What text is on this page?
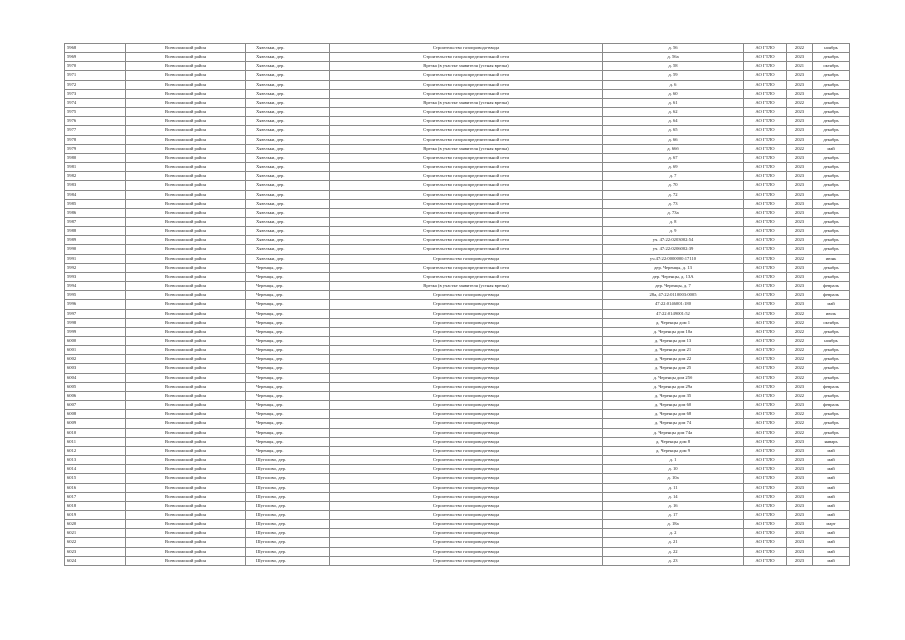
5968	Всеволожский район	Хязельки, дер.	Строительство газопровода-ввода	д. 56	АО ГТЛО	2022	ноябрь
5969	Всеволожский район	Хязельки, дер.	Строительство газораспределительной сети	д. 56а	АО ГТЛО	2023	декабрь
5970	Всеволожский район	Хязельки, дер.	Врезка (в участке заявителя (устная врезка)	д. 58	АО ГТЛО	2021	октябрь
5971	Всеволожский район	Хязельки, дер.	Строительство газораспределительной сети	д. 59	АО ГТЛО	2023	декабрь
5972	Всеволожский район	Хязельки, дер.	Строительство газораспределительной сети	д. 6	АО ГТЛО	2023	декабрь
5973	Всеволожский район	Хязельки, дер.	Строительство газораспределительной сети	д. 60	АО ГТЛО	2023	декабрь
5974	Всеволожский район	Хязельки, дер.	Врезка (в участке заявителя (устная врезка)	д. 61	АО ГТЛО	2022	декабрь
5975	Всеволожский район	Хязельки, дер.	Строительство газораспределительной сети	д. 62	АО ГТЛО	2023	декабрь
5976	Всеволожский район	Хязельки, дер.	Строительство газораспределительной сети	д. 64	АО ГТЛО	2023	декабрь
5977	Всеволожский район	Хязельки, дер.	Строительство газораспределительной сети	д. 65	АО ГТЛО	2023	декабрь
5978	Всеволожский район	Хязельки, дер.	Строительство газораспределительной сети	д. 66	АО ГТЛО	2023	декабрь
5979	Всеволожский район	Хязельки, дер.	Врезка (в участке заявителя (устная врезка)	д. 66б	АО ГТЛО	2022	май
5980	Всеволожский район	Хязельки, дер.	Строительство газораспределительной сети	д. 67	АО ГТЛО	2023	декабрь
5981	Всеволожский район	Хязельки, дер.	Строительство газораспределительной сети	д. 69	АО ГТЛО	2023	декабрь
5982	Всеволожский район	Хязельки, дер.	Строительство газораспределительной сети	д. 7	АО ГТЛО	2023	декабрь
5983	Всеволожский район	Хязельки, дер.	Строительство газораспределительной сети	д. 70	АО ГТЛО	2023	декабрь
5984	Всеволожский район	Хязельки, дер.	Строительство газораспределительной сети	д. 72	АО ГТЛО	2023	декабрь
5985	Всеволожский район	Хязельки, дер.	Строительство газораспределительной сети	д. 73	АО ГТЛО	2023	декабрь
5986	Всеволожский район	Хязельки, дер.	Строительство газораспределительной сети	д. 73а	АО ГТЛО	2023	декабрь
5987	Всеволожский район	Хязельки, дер.	Строительство газораспределительной сети	д. 8	АО ГТЛО	2023	декабрь
5988	Всеволожский район	Хязельки, дер.	Строительство газораспределительной сети	д. 9	АО ГТЛО	2023	декабрь
5989	Всеволожский район	Хязельки, дер.	Строительство газораспределительной сети	уч. 47:22:0203002:54	АО ГТЛО	2023	декабрь
5990	Всеволожский район	Хязельки, дер.	Строительство газораспределительной сети	уч. 47:22:0206002:39	АО ГТЛО	2023	декабрь
5991	Всеволожский район	Хязельки, дер.	Строительство газопровода-ввода	уч.47:22:0000000:17110	АО ГТЛО	2022	июнь
5992	Всеволожский район	Черенцы, дер.	Строительство газораспределительной сети	дер. Черенцы, д. 13	АО ГТЛО	2023	декабрь
5993	Всеволожский район	Черенцы, дер.	Строительство газораспределительной сети	дер. Черенцы, д. 13А	АО ГТЛО	2023	декабрь
5994	Всеволожский район	Черенцы, дер.	Врезка (в участке заявителя (устная врезка)	дер. Черенцы, д. 7	АО ГТЛО	2023	февраль
5995	Всеволожский район	Черенцы, дер.	Строительство газопровода-ввода	28а, 47:22:0110003:0005	АО ГТЛО	2023	февраль
5996	Всеволожский район	Черенцы, дер.	Строительство газопровода-ввода	47:22:0146001:180	АО ГТЛО	2023	май
5997	Всеволожский район	Черенцы, дер.	Строительство газопровода-ввода	47:22:0149001:52	АО ГТЛО	2022	июль
5998	Всеволожский район	Черенцы, дер.	Строительство газопровода-ввода	д. Черенцы дом 1	АО ГТЛО	2022	октябрь
5999	Всеволожский район	Черенцы, дер.	Строительство газопровода-ввода	д. Черенцы дом 10а	АО ГТЛО	2022	декабрь
6000	Всеволожский район	Черенцы, дер.	Строительство газопровода-ввода	д. Черенцы дом 13	АО ГТЛО	2022	ноябрь
6001	Всеволожский район	Черенцы, дер.	Строительство газопровода-ввода	д. Черенцы дом 21	АО ГТЛО	2022	декабрь
6002	Всеволожский район	Черенцы, дер.	Строительство газопровода-ввода	д. Черенцы дом 22	АО ГТЛО	2022	декабрь
6003	Всеволожский район	Черенцы, дер.	Строительство газопровода-ввода	д. Черенцы дом 25	АО ГТЛО	2022	декабрь
6004	Всеволожский район	Черенцы, дер.	Строительство газопровода-ввода	д. Черенцы дом 25б	АО ГТЛО	2022	декабрь
6005	Всеволожский район	Черенцы, дер.	Строительство газопровода-ввода	д. Черенцы дом 29а	АО ГТЛО	2023	февраль
6006	Всеволожский район	Черенцы, дер.	Строительство газопровода-ввода	д. Черенцы дом 35	АО ГТЛО	2022	декабрь
6007	Всеволожский район	Черенцы, дер.	Строительство газопровода-ввода	д. Черенцы дом 60	АО ГТЛО	2023	февраль
6008	Всеволожский район	Черенцы, дер.	Строительство газопровода-ввода	д. Черенцы дом 68	АО ГТЛО	2022	декабрь
6009	Всеволожский район	Черенцы, дер.	Строительство газопровода-ввода	д. Черенцы дом 74	АО ГТЛО	2022	декабрь
6010	Всеволожский район	Черенцы, дер.	Строительство газопровода-ввода	д. Черенцы дом 74а	АО ГТЛО	2022	декабрь
6011	Всеволожский район	Черенцы, дер.	Строительство газопровода-ввода	д. Черенцы дом 8	АО ГТЛО	2023	январь
6012	Всеволожский район	Черенцы, дер.	Строительство газопровода-ввода	д. Черенцы дом 9	АО ГТЛО	2023	май
6013	Всеволожский район	Шуголово, дер.	Строительство газопровода-ввода	д. 1	АО ГТЛО	2023	май
6014	Всеволожский район	Шуголово, дер.	Строительство газопровода-ввода	д. 10	АО ГТЛО	2023	май
6015	Всеволожский район	Шуголово, дер.	Строительство газопровода-ввода	д. 10а	АО ГТЛО	2023	май
6016	Всеволожский район	Шуголово, дер.	Строительство газопровода-ввода	д. 11	АО ГТЛО	2023	май
6017	Всеволожский район	Шуголово, дер.	Строительство газопровода-ввода	д. 14	АО ГТЛО	2023	май
6018	Всеволожский район	Шуголово, дер.	Строительство газопровода-ввода	д. 16	АО ГТЛО	2023	май
6019	Всеволожский район	Шуголово, дер.	Строительство газопровода-ввода	д. 17	АО ГТЛО	2023	май
6020	Всеволожский район	Шуголово, дер.	Строительство газопровода-ввода	д. 18а	АО ГТЛО	2023	март
6021	Всеволожский район	Шуголово, дер.	Строительство газопровода-ввода	д. 2	АО ГТЛО	2023	май
6022	Всеволожский район	Шуголово, дер.	Строительство газопровода-ввода	д. 21	АО ГТЛО	2023	май
6023	Всеволожский район	Шуголово, дер.	Строительство газопровода-ввода	д. 22	АО ГТЛО	2023	май
6024	Всеволожский район	Шуголово, дер.	Строительство газопровода-ввода	д. 23	АО ГТЛО	2023	май
